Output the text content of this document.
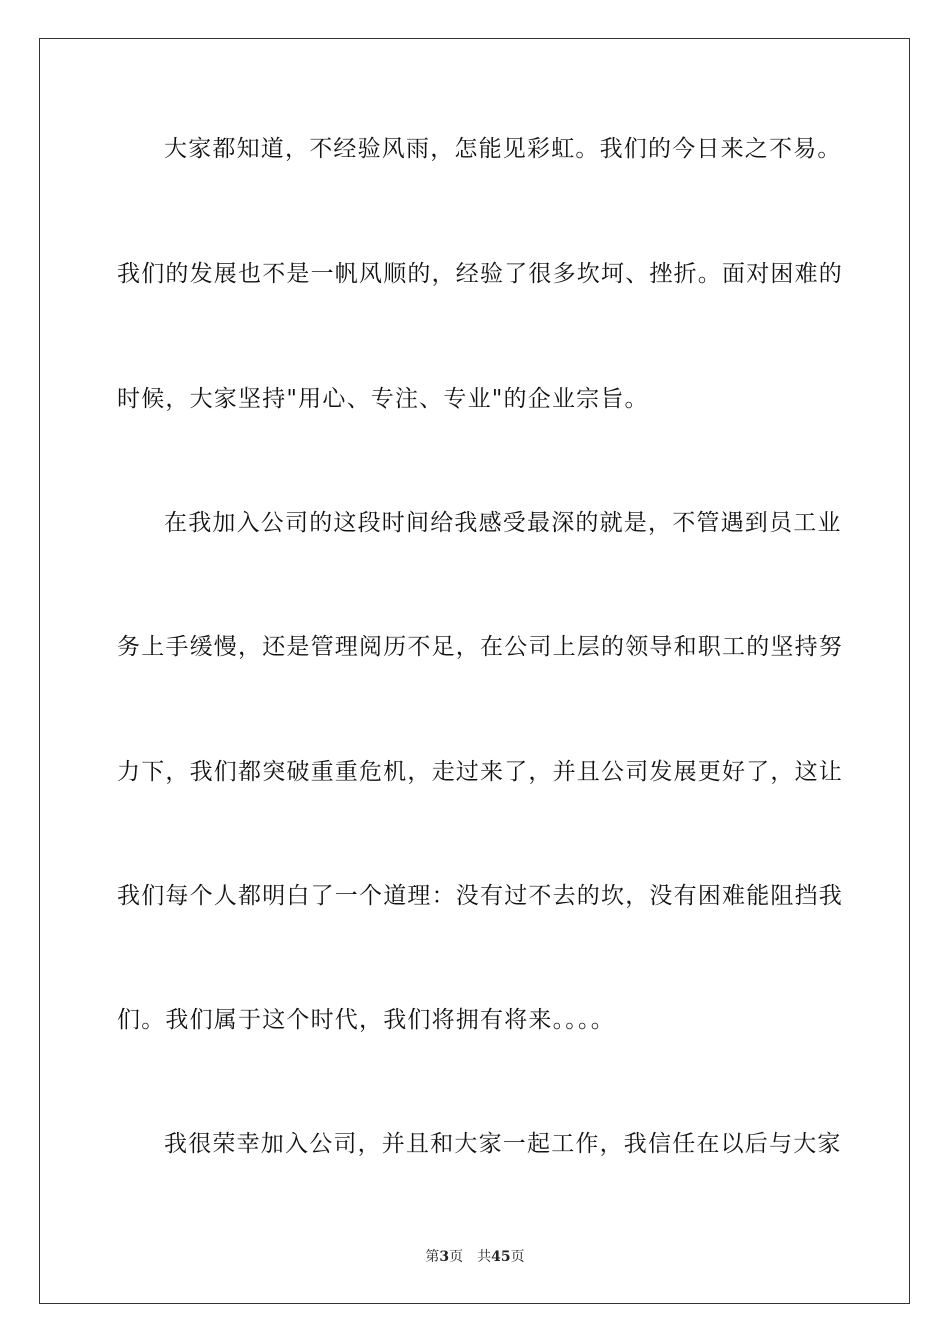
大家都知道，不经验风雨，怎能见彩虹。我们的今日来之不易。
我们的发展也不是一帆风顺的，经验了很多坎坷、挫折。面对困难的
时候，大家坚持"用心、专注、专业"的企业宗旨。
在我加入公司的这段时间给我感受最深的就是，不管遇到员工业
务上手缓慢，还是管理阅历不足，在公司上层的领导和职工的坚持努
力下，我们都突破重重危机，走过来了，并且公司发展更好了，这让
我们每个人都明白了一个道理：没有过不去的坎，没有困难能阻挡我
们。我们属于这个时代，我们将拥有将来。。。。
我很荣幸加入公司，并且和大家一起工作，我信任在以后与大家
第3页 共45页
